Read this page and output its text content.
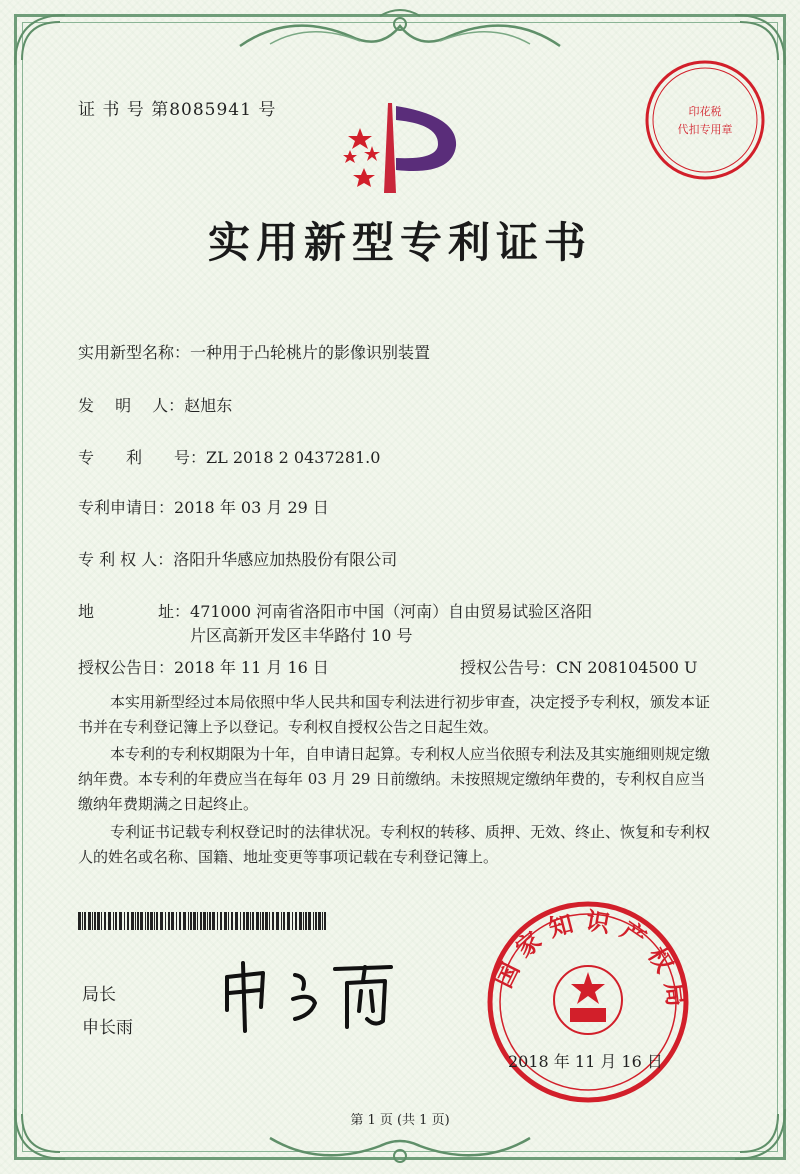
证 书 号 第8085941 号	印花税
代扣专用章
实用新型专利证书
实用新型名称：一种用于凸轮桃片的影像识别装置
发　 明　 人：赵旭东
专　　利　　号：ZL 2018 2 0437281.0
专利申请日：2018 年 03 月 29 日
专 利 权 人：洛阳升华感应加热股份有限公司
地　　　　址：471000 河南省洛阳市中国（河南）自由贸易试验区洛阳
片区高新开发区丰华路付 10 号
授权公告日：2018 年 11 月 16 日	授权公告号：CN 208104500 U

本实用新型经过本局依照中华人民共和国专利法进行初步审查，决定授予专利权，颁发本证书并在专利登记簿上予以登记。专利权自授权公告之日起生效。

本专利的专利权期限为十年，自申请日起算。专利权人应当依照专利法及其实施细则规定缴纳年费。本专利的年费应当在每年 03 月 29 日前缴纳。未按照规定缴纳年费的，专利权自应当缴纳年费期满之日起终止。

专利证书记载专利权登记时的法律状况。专利权的转移、质押、无效、终止、恢复和专利权人的姓名或名称、国籍、地址变更等事项记载在专利登记簿上。

局长
申长雨
国家知识产权局
2018 年 11 月 16 日
第 1 页 (共 1 页)
